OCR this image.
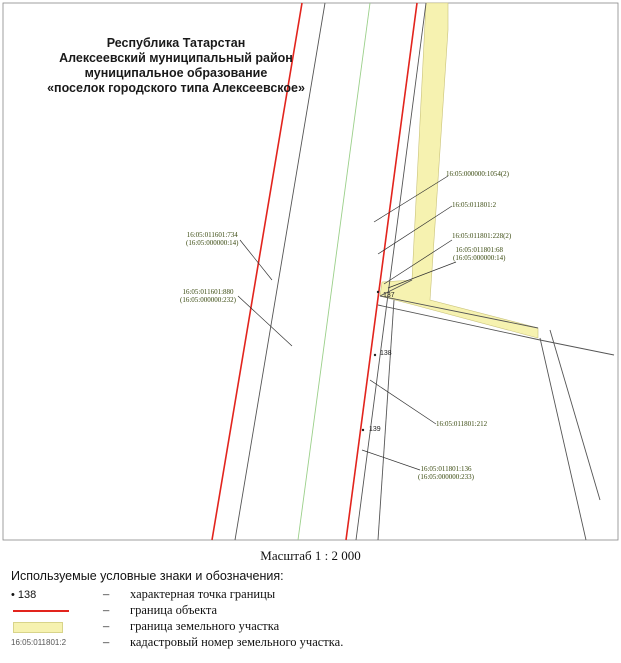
Республика Татарстан
Алексеевский муниципальный район
муниципальное образование
«поселок городского типа Алексеевское»
16:05:000000:1054(2)
16:05:011801:2
16:05:011801:228(2)
16:05:011801:68
(16:05:000000:14)
16:05:011601:734
(16:05:000000:14)
16:05:011601:880
(16:05:000000:232)
16:05:011801:212
16:05:011801:136
(16:05:000000:233)
137
138
139
Масштаб 1 : 2 000
Используемые условные знаки и обозначения:
• 138	– характерная точка границы
– граница объекта
– граница земельного участка
16:05:011801:2	– кадастровый номер земельного участка.
